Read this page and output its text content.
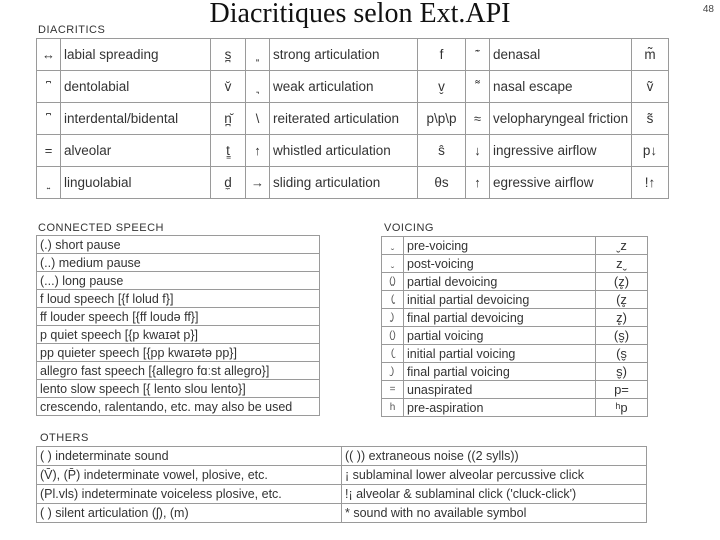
Diacritiques selon Ext.API	48
DIACRITICS
↔	labial spreading	s̪		strong articulation	f		denasal	m̃
	dentolabial	v̆		weak articulation	v̬		nasal escape	ṽ
	interdental/bidental	n̪̆	\	reiterated articulation	p\p\p	≈	velopharyngeal friction	s̃
=	alveolar	t̳	↑	whistled articulation	s̑	↓	ingressive airflow	p↓
	linguolabial	d̼	→	sliding articulation	θs	↑	egressive airflow	!↑
CONNECTED SPEECH
(.) short pause
(..) medium pause
(...) long pause
f loud speech [{f lolud f}]
ff louder speech [{ff loudə ff}]
p quiet speech [{p kwaɪət p}]
pp quieter speech [{pp kwaɪətə pp}]
allegro fast speech [{allegro fɑːst allegro}]
lento slow speech [{ lento slou lento}]
crescendo, ralentando, etc. may also be used
VOICING
ˬ	pre-voicing	ˬz
ˬ	post-voicing	zˬ
(̥)	partial devoicing	(z̥)
(̥	initial partial devoicing	(z̥
̥)	final partial devoicing	z̥)
(̬)	partial voicing	(s̬)
(̬	initial partial voicing	(s̬
̬)	final partial voicing	s̬)
=	unaspirated	p=
h	pre-aspiration	ʰp
OTHERS
( ) indeterminate sound	(( )) extraneous noise ((2 sylls))
(V̄), (P̄) indeterminate vowel, plosive, etc.	¡ sublaminal lower alveolar percussive click
(Pl.vls) indeterminate voiceless plosive, etc.	!¡ alveolar & sublaminal click ('cluck-click')
( ) silent articulation (ʃ), (m)	* sound with no available symbol
